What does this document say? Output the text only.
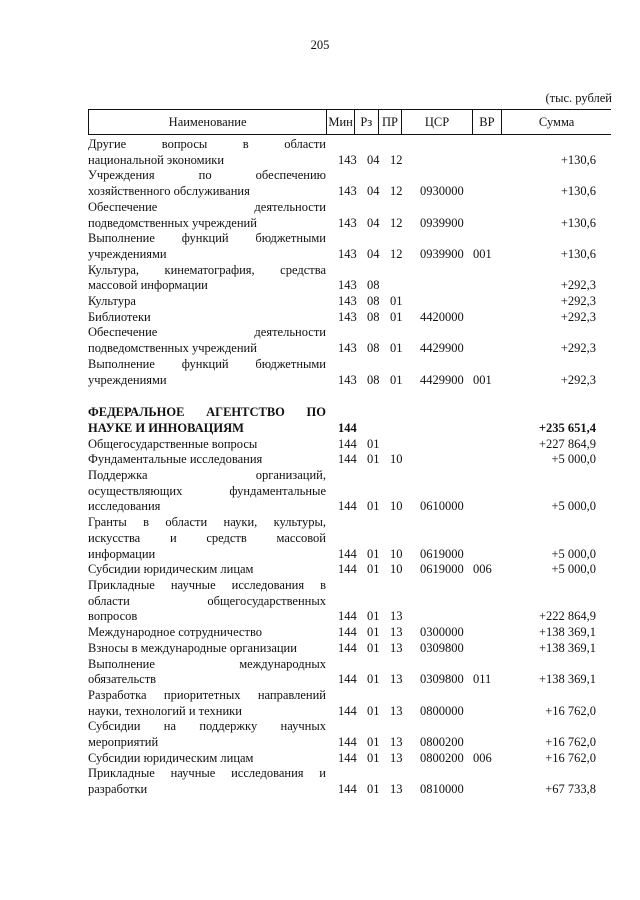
205
(тыс. рублей
Наименование	Мин Рз ПР	ЦСР	ВР	Сумма
Другие вопросы в области
национальной экономики	143 04 12	+130,6
Учреждения по обеспечению
хозяйственного обслуживания	143 04 12	0930000	+130,6
Обеспечение деятельности
подведомственных учреждений	143 04 12	0939900	+130,6
Выполнение функций бюджетными
учреждениями	143 04 12	0939900 001	+130,6
Культура, кинематография, средства
массовой информации	143 08	+292,3
Культура	143 08 01	+292,3
Библиотеки	143 08 01	4420000	+292,3
Обеспечение деятельности
подведомственных учреждений	143 08 01	4429900	+292,3
Выполнение функций бюджетными
учреждениями	143 08 01	4429900 001	+292,3
ФЕДЕРАЛЬНОЕ АГЕНТСТВО ПО
НАУКЕ И ИННОВАЦИЯМ	144	+235 651,4
Общегосударственные вопросы	144 01	+227 864,9
Фундаментальные исследования	144 01 10	+5 000,0
Поддержка организаций,
осуществляющих фундаментальные
исследования	144 01 10	0610000	+5 000,0
Гранты в области науки, культуры,
искусства и средств массовой
информации	144 01 10	0619000	+5 000,0
Субсидии юридическим лицам	144 01 10	0619000 006	+5 000,0
Прикладные научные исследования в
области общегосударственных
вопросов	144 01 13	+222 864,9
Международное сотрудничество	144 01 13	0300000	+138 369,1
Взносы в международные организации	144 01 13	0309800	+138 369,1
Выполнение международных
обязательств	144 01 13	0309800 011	+138 369,1
Разработка приоритетных направлений
науки, технологий и техники	144 01 13	0800000	+16 762,0
Субсидии на поддержку научных
мероприятий	144 01 13	0800200	+16 762,0
Субсидии юридическим лицам	144 01 13	0800200 006	+16 762,0
Прикладные научные исследования и
разработки	144 01 13	0810000	+67 733,8
